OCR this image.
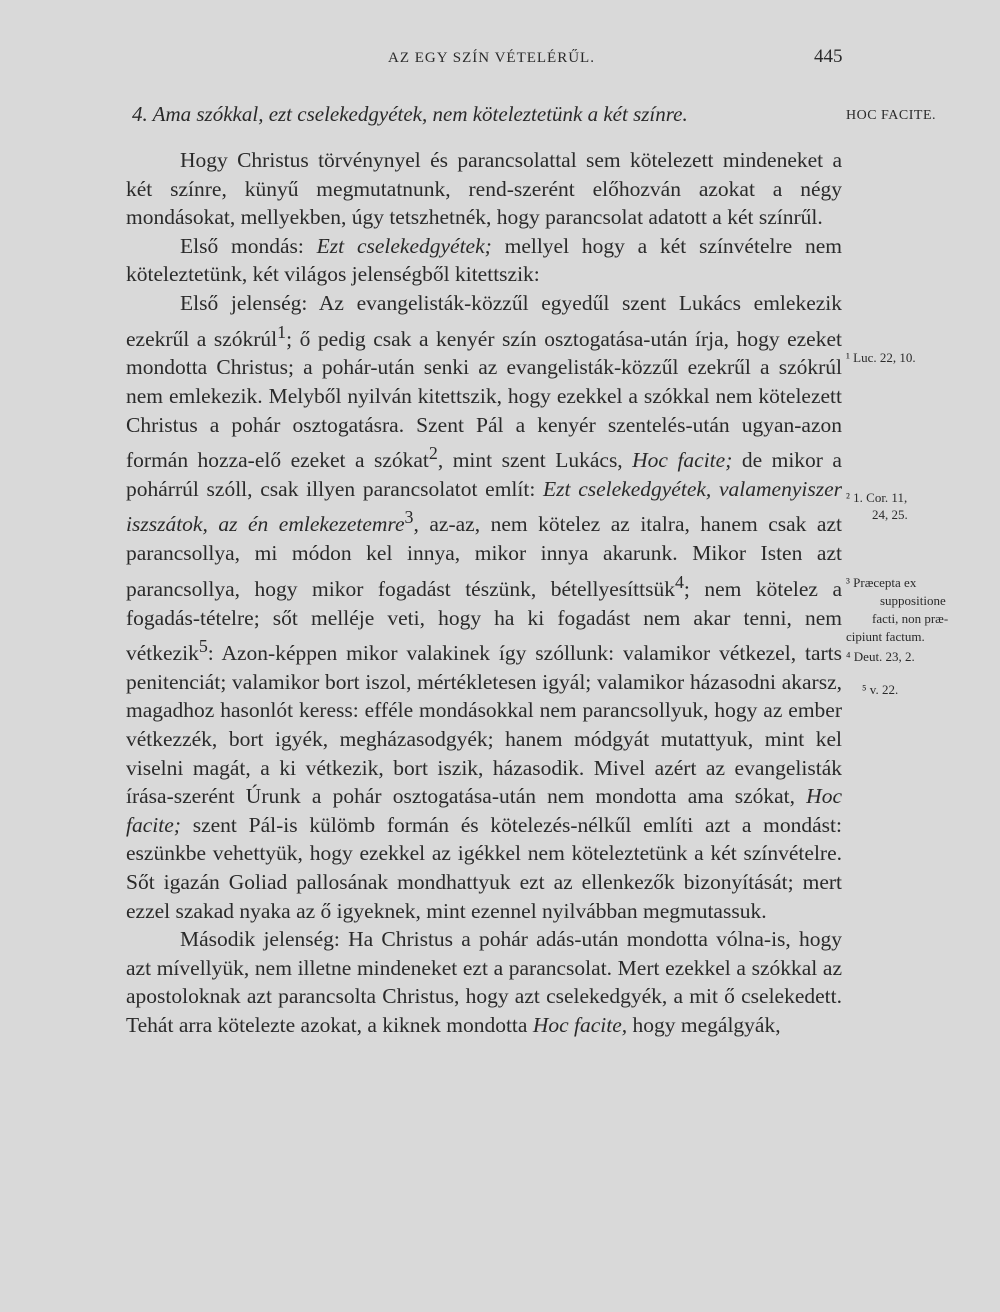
AZ EGY SZÍN VÉTELÉRŰL.	445
4. Ama szókkal, ezt cselekedgyétek, nem köteleztetünk a két színre.	HOC FACITE.

Hogy Christus törvénynyel és parancsolattal sem kötelezett mindeneket a két színre, künyű megmutatnunk, rend-szerént előhozván azokat a négy mondásokat, mellyekben, úgy tetszhetnék, hogy parancsolat adatott a két színrűl.

Első mondás: Ezt cselekedgyétek; mellyel hogy a két színvételre nem köteleztetünk, két világos jelenségből kitettszik:

Első jelenség: Az evangelisták-közzűl egyedűl szent Lukács emlekezik ezekrűl a szókrúl$^1$; ő pedig csak a kenyér szín osztogatása-után írja, hogy ezeket mondotta Christus; a pohár-után senki az evangelisták-közzűl ezekrűl a szókrúl nem emlekezik. Melyből nyilván kitettszik, hogy ezekkel a szókkal nem kötelezett Christus a pohár osztogatásra. Szent Pál a kenyér szentelés-után ugyan-azon formán hozza-elő ezeket a szókat$^2$, mint szent Lukács, Hoc facite; de mikor a pohárrúl szóll, csak illyen parancsolatot említ: Ezt cselekedgyétek, valamenyiszer iszszátok, az én emlekezetemre$^3$, az-az, nem kötelez az italra, hanem csak azt parancsollya, mi módon kel innya, mikor innya akarunk. Mikor Isten azt parancsollya, hogy mikor fogadást tészünk, bétellyesíttsük$^4$; nem kötelez a fogadás-tételre; sőt melléje veti, hogy ha ki fogadást nem akar tenni, nem vétkezik$^5$: Azon-képpen mikor valakinek így szóllunk: valamikor vétkezel, tarts penitenciát; valamikor bort iszol, mértékletesen igyál; valamikor házasodni akarsz, magadhoz hasonlót keress: efféle mondásokkal nem parancsollyuk, hogy az ember vétkezzék, bort igyék, megházasodgyék; hanem módgyát mutattyuk, mint kel viselni magát, a ki vétkezik, bort iszik, házasodik. Mivel azért az evangelisták írása-szerént Úrunk a pohár osztogatása-után nem mondotta ama szókat, Hoc facite; szent Pál-is külömb formán és kötelezés-nélkűl említi azt a mondást: eszünkbe vehettyük, hogy ezekkel az igékkel nem köteleztetünk a két színvételre. Sőt igazán Goliad pallosának mondhattyuk ezt az ellenkezők bizonyítását; mert ezzel szakad nyaka az ő igyeknek, mint ezennel nyilvábban megmutassuk.

Második jelenség: Ha Christus a pohár adás-után mondotta vólna-is, hogy azt mívellyük, nem illetne mindeneket ezt a parancsolat. Mert ezekkel a szókkal az apostoloknak azt parancsolta Christus, hogy azt cselekedgyék, a mit ő cselekedett. Tehát arra kötelezte azokat, a kiknek mondotta Hoc facite, hogy megálgyák,

¹ Luc. 22, 10.
² 1. Cor. 11,
24, 25.
³ Præcepta ex
suppositione
facti, non præ-
cipiunt factum.
⁴ Deut. 23, 2.
⁵ v. 22.
